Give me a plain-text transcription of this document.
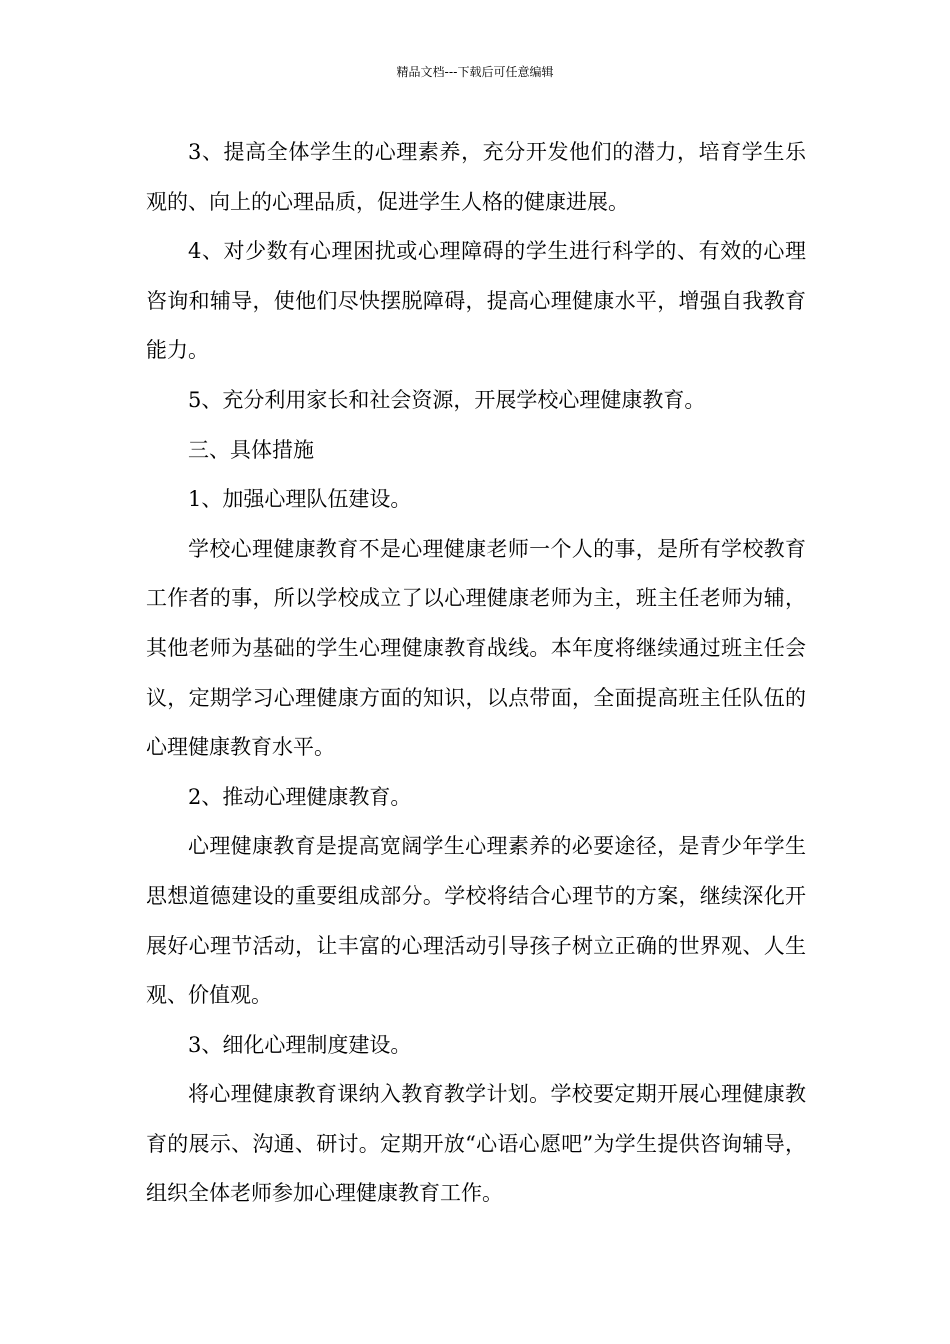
精品文档---下载后可任意编辑

3、提高全体学生的心理素养，充分开发他们的潜力，培育学生乐观的、向上的心理品质，促进学生人格的健康进展。

4、对少数有心理困扰或心理障碍的学生进行科学的、有效的心理咨询和辅导，使他们尽快摆脱障碍，提高心理健康水平，增强自我教育能力。

5、充分利用家长和社会资源，开展学校心理健康教育。

三、具体措施

1、加强心理队伍建设。

学校心理健康教育不是心理健康老师一个人的事，是所有学校教育工作者的事，所以学校成立了以心理健康老师为主，班主任老师为辅，其他老师为基础的学生心理健康教育战线。本年度将继续通过班主任会议，定期学习心理健康方面的知识，以点带面，全面提高班主任队伍的心理健康教育水平。

2、推动心理健康教育。

心理健康教育是提高宽阔学生心理素养的必要途径，是青少年学生思想道德建设的重要组成部分。学校将结合心理节的方案，继续深化开展好心理节活动，让丰富的心理活动引导孩子树立正确的世界观、人生观、价值观。

3、细化心理制度建设。

将心理健康教育课纳入教育教学计划。学校要定期开展心理健康教育的展示、沟通、研讨。定期开放“心语心愿吧”为学生提供咨询辅导，组织全体老师参加心理健康教育工作。
